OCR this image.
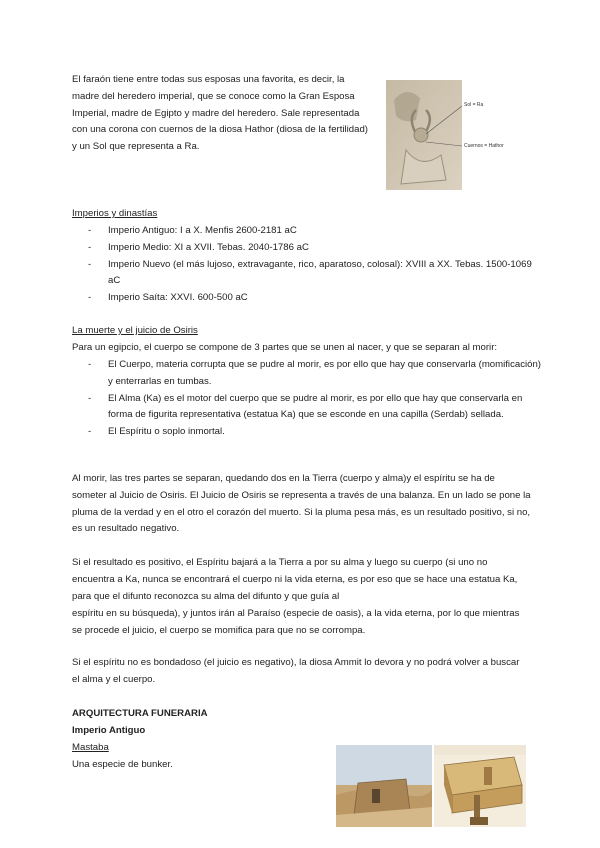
El faraón tiene entre todas sus esposas una favorita, es decir, la madre del heredero imperial, que se conoce como la Gran Esposa Imperial, madre de Egipto y madre del heredero. Sale representada con una corona con cuernos de la diosa Hathor (diosa de la fertilidad) y un Sol que representa a Ra.
Sol = Ra
Cuernos = Hathor
Imperios y dinastías
- Imperio Antiguo: I a X. Menfis 2600-2181 aC
- Imperio Medio: XI a XVII. Tebas. 2040-1786 aC
- Imperio Nuevo (el más lujoso, extravagante, rico, aparatoso, colosal): XVIII a XX. Tebas. 1500-1069 aC
- Imperio Saíta: XXVI. 600-500 aC
La muerte y el juicio de Osiris
Para un egipcio, el cuerpo se compone de 3 partes que se unen al nacer, y que se separan al morir:
- El Cuerpo, materia corrupta que se pudre al morir, es por ello que hay que conservarla (momificación) y enterrarlas en tumbas.
- El Alma (Ka) es el motor del cuerpo que se pudre al morir, es por ello que hay que conservarla en forma de figurita representativa (estatua Ka) que se esconde en una capilla (Serdab) sellada.
- El Espíritu o soplo inmortal.
Al morir, las tres partes se separan, quedando dos en la Tierra (cuerpo y alma)y el espíritu se ha de someter al Juicio de Osiris. El Juicio de Osiris se representa a través de una balanza. En un lado se pone la pluma de la verdad y en el otro el corazón del muerto. Si la pluma pesa más, es un resultado positivo, si no, es un resultado negativo.
Si el resultado es positivo, el Espíritu bajará a la Tierra a por su alma y luego su cuerpo (si uno no encuentra a Ka, nunca se encontrará el cuerpo ni la vida eterna, es por eso que se hace una estatua Ka, para que el difunto reconozca su alma del difunto y que guía al
espíritu en su búsqueda), y juntos irán al Paraíso (especie de oasis), a la vida eterna, por lo que mientras se procede el juicio, el cuerpo se momifica para que no se corrompa.
Si el espíritu no es bondadoso (el juicio es negativo), la diosa Ammit lo devora y no podrá volver a buscar el alma y el cuerpo.
ARQUITECTURA FUNERARIA
Imperio Antiguo
Mastaba
Una especie de bunker.
